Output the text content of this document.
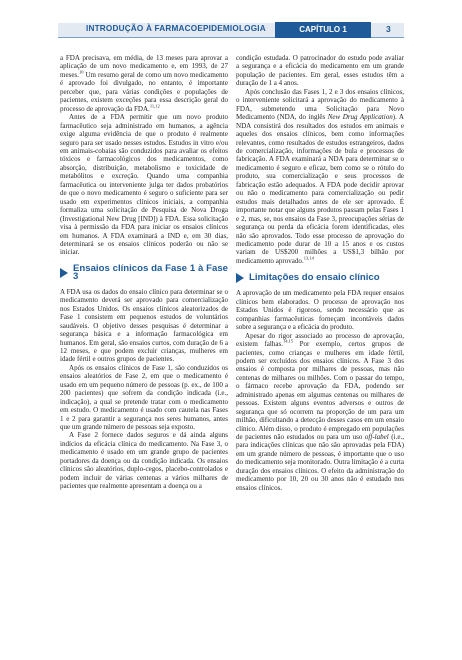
INTRODUÇÃO À FARMACOEPIDEMIOLOGIA	CAPÍTULO 1	3

a FDA precisava, em média, de 13 meses para aprovar a aplicação de um novo medicamento e, em 1993, de 27 meses.$^{10}$ Um resumo geral de como um novo medicamento é aprovado foi divulgado, no entanto, é importante perceber que, para várias condições e populações de pacientes, existem exceções para essa descrição geral do processo de aprovação da FDA.$^{11,12}$

Antes de a FDA permitir que um novo produto farmacêutico seja administrado em humanos, a agência exige alguma evidência de que o produto é realmente seguro para ser usado nesses estudos. Estudos in vitro e/ou em animais-cobaias são conduzidos para avaliar os efeitos tóxicos e farmacológicos dos medicamentos, como absorção, distribuição, metabolismo e toxicidade de metabólitos e excreção. Quando uma companhia farmacêutica ou interveniente julga ter dados probatórios de que o novo medicamento é seguro o suficiente para ser usado em experimentos clínicos iniciais, a companhia formaliza uma solicitação de Pesquisa de Nova Droga (Investigational New Drug [IND]) à FDA. Essa solicitação visa à permissão da FDA para iniciar os ensaios clínicos em humanos. A FDA examinará a IND e, em 30 dias, determinará se os ensaios clínicos poderão ou não se iniciar.

Ensaios clínicos da Fase 1 à Fase 3

A FDA usa os dados do ensaio clínico para determinar se o medicamento deverá ser aprovado para comercialização nos Estados Unidos. Os ensaios clínicos aleatorizados de Fase 1 consistem em pequenos estudos de voluntários saudáveis. O objetivo desses pesquisas é determinar a segurança básica e a informação farmacológica em humanos. Em geral, são ensaios curtos, com duração de 6 a 12 meses, e que podem excluir crianças, mulheres em idade fértil e outros grupos de pacientes.

Após os ensaios clínicos de Fase 1, são conduzidos os ensaios aleatórios de Fase 2, em que o medicamento é usado em um pequeno número de pessoas (p. ex., de 100 a 200 pacientes) que sofrem da condição indicada (i.e., indicação), a qual se pretende tratar com o medicamento em estudo. O medicamento é usado com cautela nas Fases 1 e 2 para garantir a segurança nos seres humanos, antes que um grande número de pessoas seja exposto.

A Fase 2 fornece dados seguros e dá ainda alguns indícios da eficácia clínica do medicamento. Na Fase 3, o medicamento é usado em um grande grupo de pacientes portadores da doença ou da condição indicada. Os ensaios clínicos são aleatórios, duplo-cegos, placebo-controlados e podem incluir de várias centenas a vários milhares de pacientes que realmente apresentam a doença ou a

condição estudada. O patrocinador do estudo pode avaliar a segurança e a eficácia do medicamento em um grande população de pacientes. Em geral, esses estudos têm a duração de 1 a 4 anos.

Após conclusão das Fases 1, 2 e 3 dos ensaios clínicos, o interveniente solicitará a aprovação do medicamento à FDA, submetendo uma Solicitação para Novo Medicamento (NDA, do inglês New Drug Application). A NDA consistirá dos resultados dos estudos em animais e aqueles dos ensaios clínicos, bem como informações relevantes, como resultados de estudos estrangeiros, dados de comercialização, informações de bula e processos de fabricação. A FDA examinará a NDA para determinar se o medicamento é seguro e eficaz, bem como se o rótulo do produto, sua comercialização e seus processos de fabricação estão adequados. A FDA pode decidir aprovar ou não o medicamento para comercialização ou pedir estudos mais detalhados antes de ele ser aprovado. É importante notar que alguns produtos passam pelas Fases 1 e 2, mas, se, nos ensaios da Fase 3, preocupações sérias de segurança ou perda da eficácia forem identificadas, eles não são aprovados. Todo esse processo de aprovação do medicamento pode durar de 10 a 15 anos e os custos variam de US$200 milhões a US$1,3 bilhão por medicamento aprovado.$^{13,14}$

Limitações do ensaio clínico

A aprovação de um medicamento pela FDA requer ensaios clínicos bem elaborados. O processo de aprovação nos Estados Unidos é rigoroso, sendo necessário que as companhias farmacêuticas forneçam incontáveis dados sobre a segurança e a eficácia do produto.

Apesar do rigor associado ao processo de aprovação, existem falhas.$^{14,15}$ Por exemplo, certos grupos de pacientes, como crianças e mulheres em idade fértil, podem ser excluídos dos ensaios clínicos. A Fase 3 dos ensaios é composta por milhares de pessoas, mas não centenas de milhares ou milhões. Com o passar do tempo, o fármaco recebe aprovação da FDA, podendo ser administrado apenas em algumas centenas ou milhares de pessoas. Existem alguns eventos adversos e outros de segurança que só ocorrem na proporção de um para um milhão, dificultando a detecção desses casos em um ensaio clínico. Além disso, o produto é empregado em populações de pacientes não estudados ou para um uso off-label (i.e., para indicações clínicas que não são aprovadas pela FDA) em um grande número de pessoas, é importante que o uso do medicamento seja monitorado. Outra limitação é a curta duração dos ensaios clínicos. O efeito da administração do medicamento por 10, 20 ou 30 anos não é estudado nos ensaios clínicos.
